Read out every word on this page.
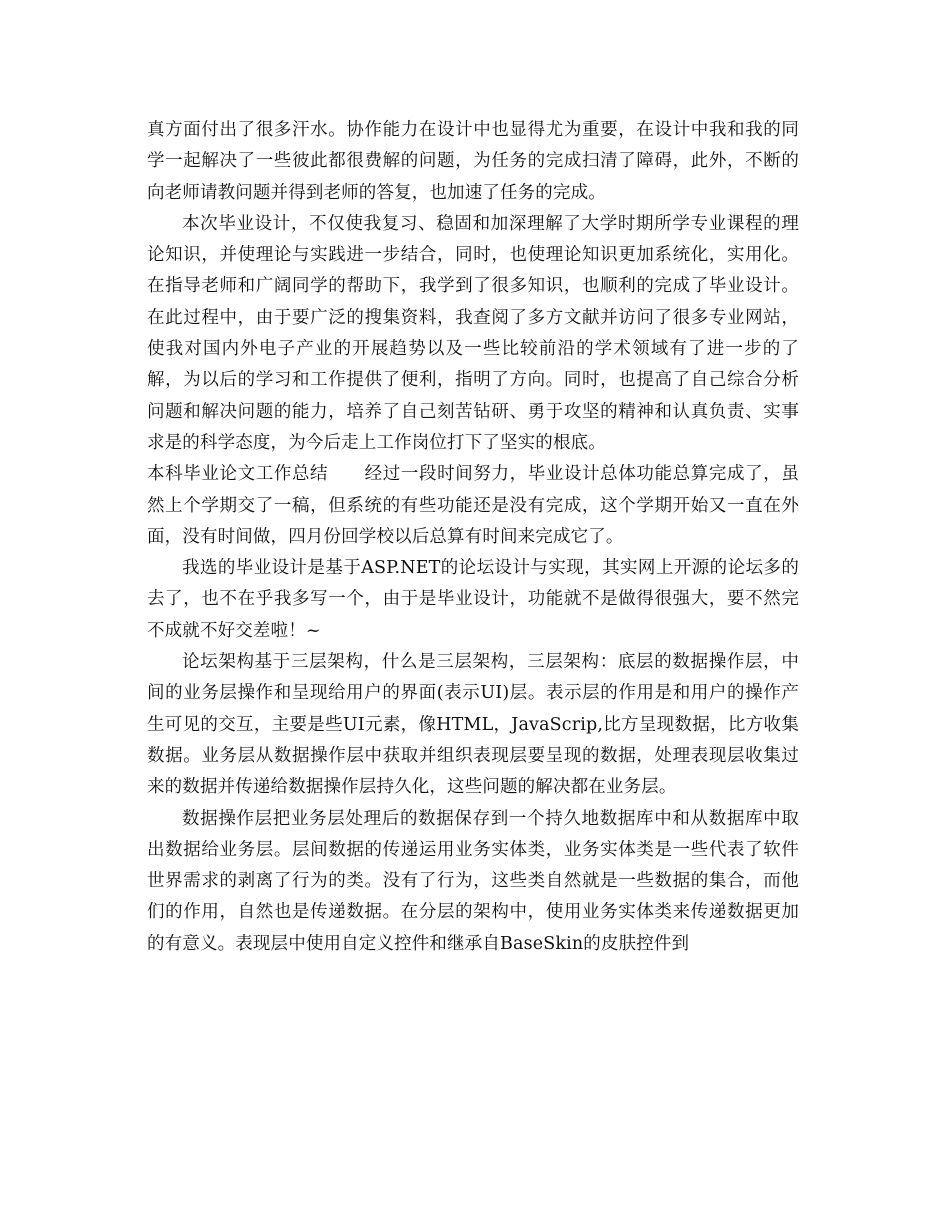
真方面付出了很多汗水。协作能力在设计中也显得尤为重要，在设计中我和我的同学一起解决了一些彼此都很费解的问题，为任务的完成扫清了障碍，此外，不断的向老师请教问题并得到老师的答复，也加速了任务的完成。

本次毕业设计，不仅使我复习、稳固和加深理解了大学时期所学专业课程的理论知识，并使理论与实践进一步结合，同时，也使理论知识更加系统化，实用化。在指导老师和广阔同学的帮助下，我学到了很多知识，也顺利的完成了毕业设计。在此过程中，由于要广泛的搜集资料，我查阅了多方文献并访问了很多专业网站，使我对国内外电子产业的开展趋势以及一些比较前沿的学术领域有了进一步的了解，为以后的学习和工作提供了便利，指明了方向。同时，也提高了自己综合分析问题和解决问题的能力，培养了自己刻苦钻研、勇于攻坚的精神和认真负责、实事求是的科学态度，为今后走上工作岗位打下了坚实的根底。

本科毕业论文工作总结 经过一段时间努力，毕业设计总体功能总算完成了，虽然上个学期交了一稿，但系统的有些功能还是没有完成，这个学期开始又一直在外面，没有时间做，四月份回学校以后总算有时间来完成它了。

我选的毕业设计是基于ASP.NET的论坛设计与实现，其实网上开源的论坛多的去了，也不在乎我多写一个，由于是毕业设计，功能就不是做得很强大，要不然完不成就不好交差啦！~

论坛架构基于三层架构，什么是三层架构，三层架构：底层的数据操作层，中间的业务层操作和呈现给用户的界面(表示UI)层。表示层的作用是和用户的操作产生可见的交互，主要是些UI元素，像HTML，JavaScrip,比方呈现数据，比方收集数据。业务层从数据操作层中获取并组织表现层要呈现的数据，处理表现层收集过来的数据并传递给数据操作层持久化，这些问题的解决都在业务层。

数据操作层把业务层处理后的数据保存到一个持久地数据库中和从数据库中取出数据给业务层。层间数据的传递运用业务实体类，业务实体类是一些代表了软件世界需求的剥离了行为的类。没有了行为，这些类自然就是一些数据的集合，而他们的作用，自然也是传递数据。在分层的架构中，使用业务实体类来传递数据更加的有意义。表现层中使用自定义控件和继承自BaseSkin的皮肤控件到
